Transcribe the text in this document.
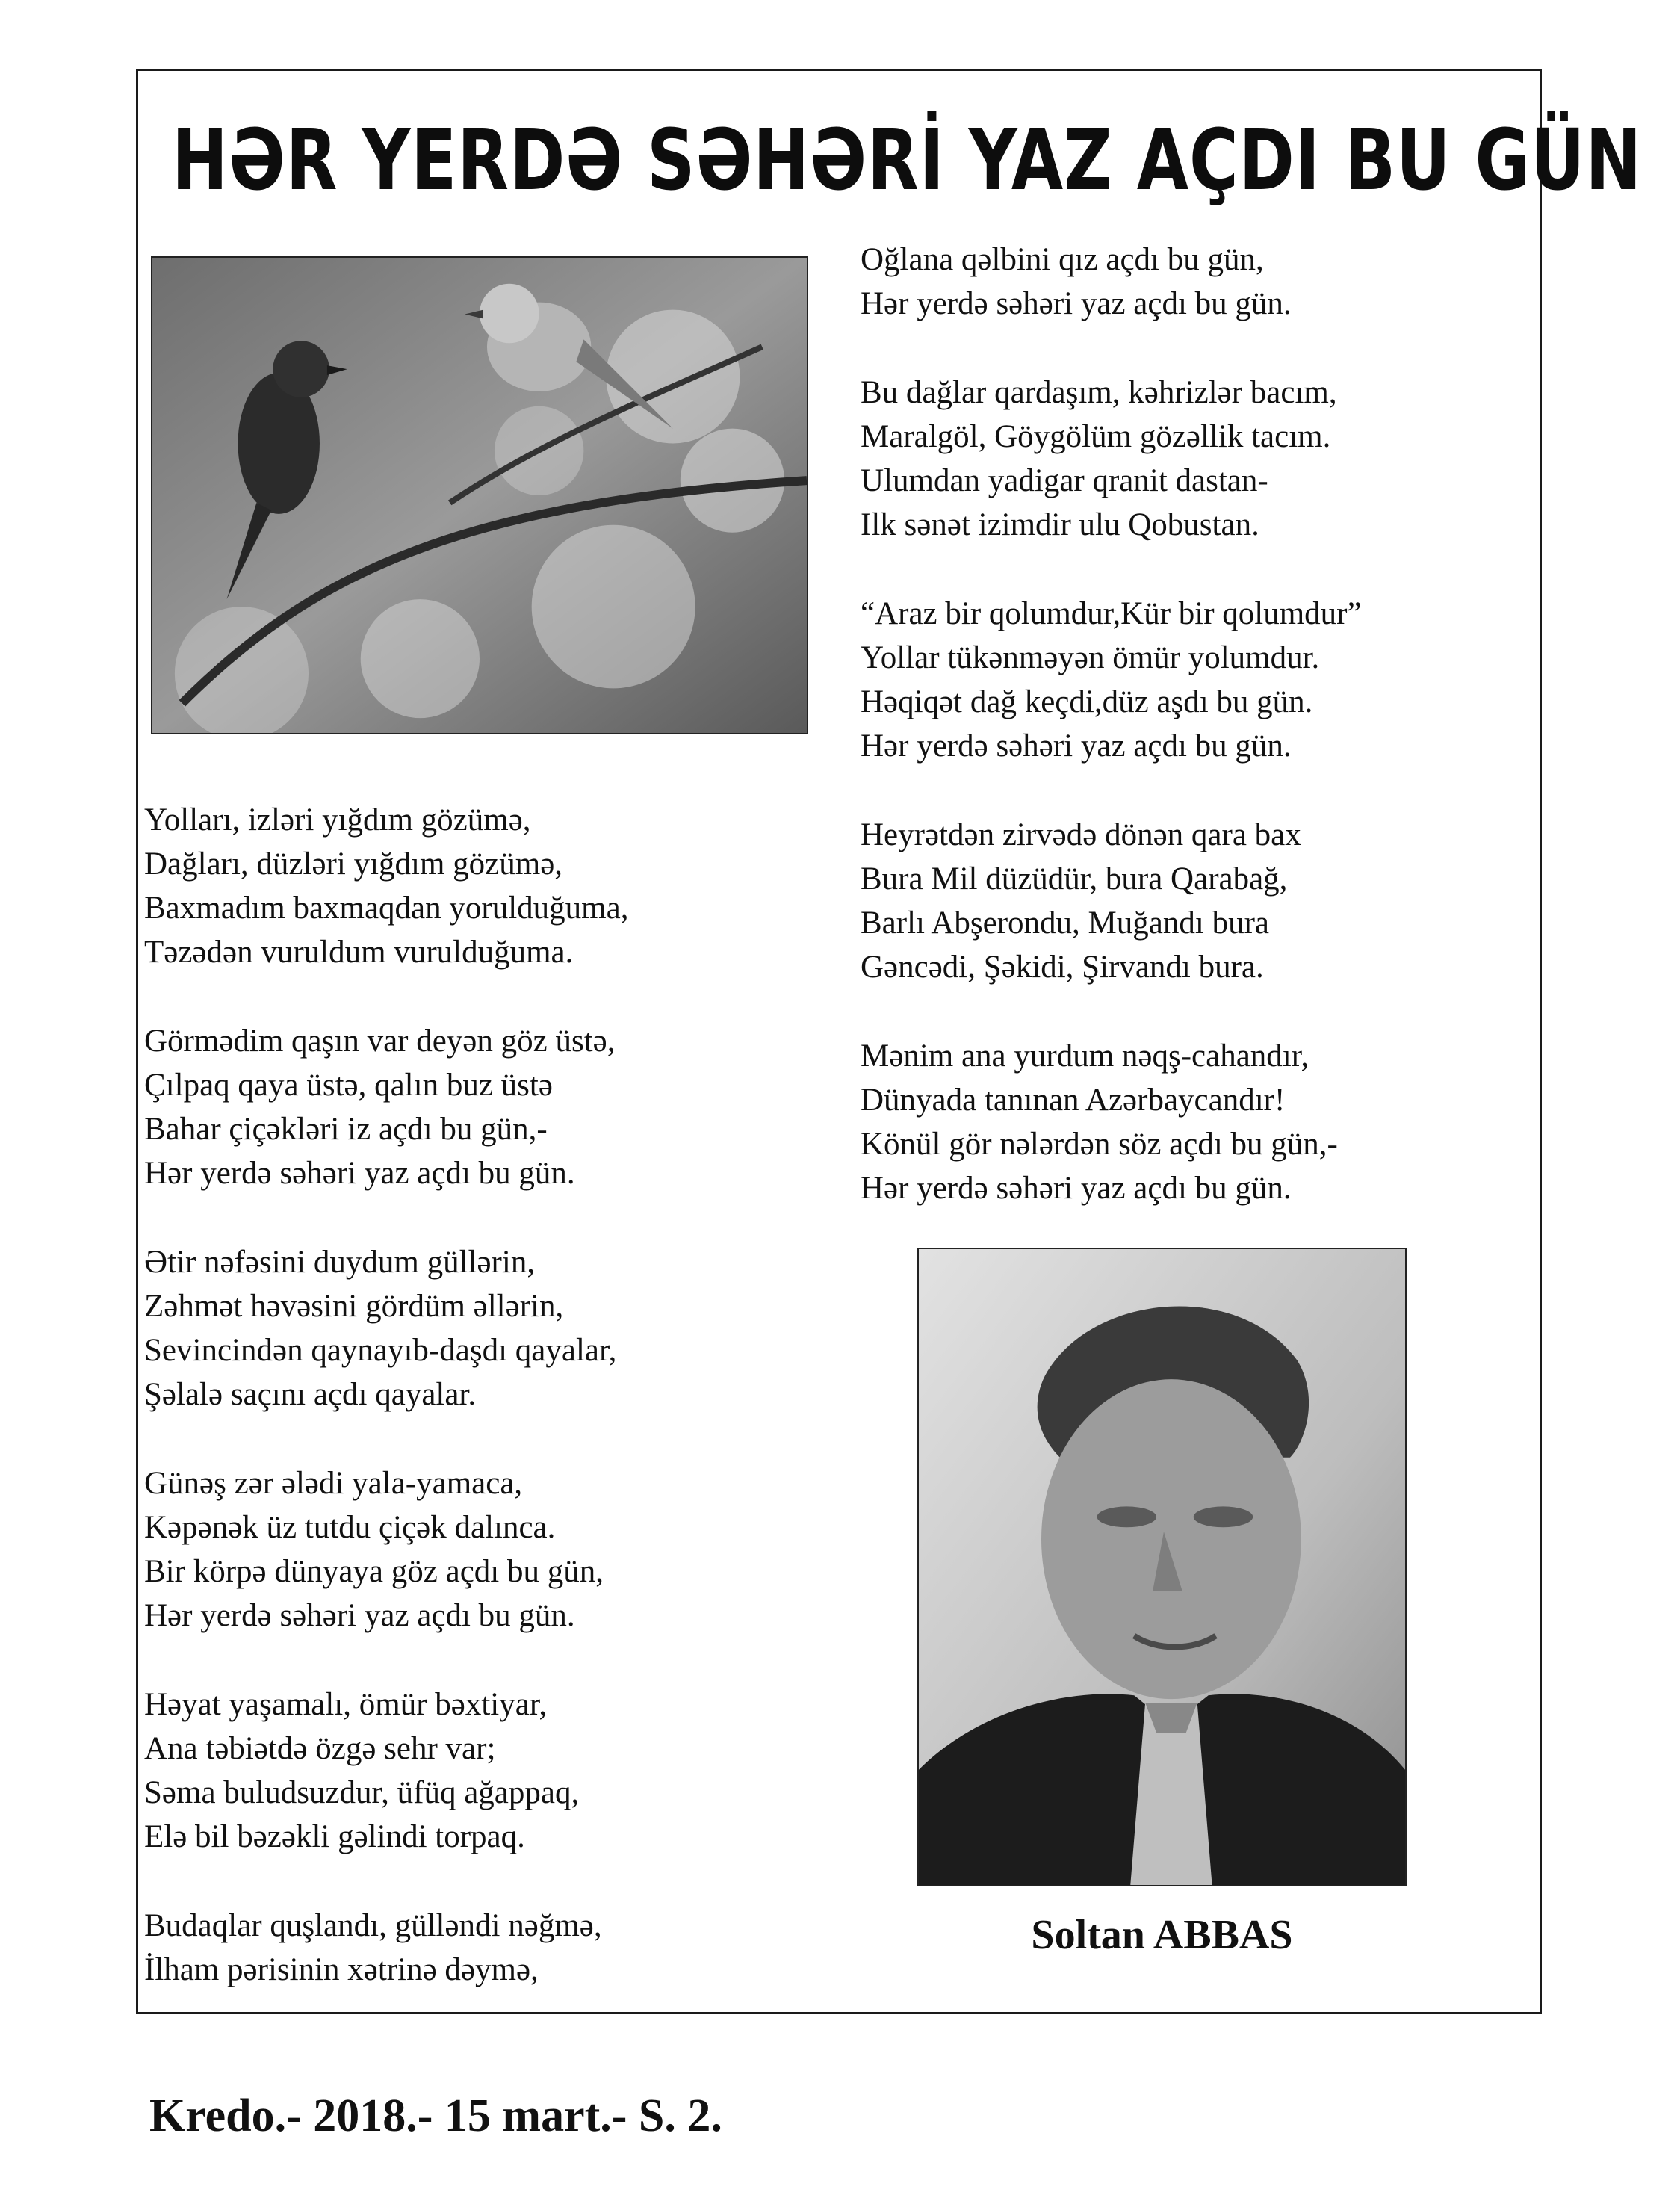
HƏR YERDƏ SƏHƏRİ YAZ AÇDI BU GÜN
Yolları, izləri yığdım gözümə,
Dağları, düzləri yığdım gözümə,
Baxmadım baxmaqdan yorulduğuma,
Təzədən vuruldum vurulduğuma.
Görmədim qaşın var deyən göz üstə,
Çılpaq qaya üstə, qalın buz üstə
Bahar çiçəkləri iz açdı bu gün,-
Hər yerdə səhəri yaz açdı bu gün.
Ətir nəfəsini duydum güllərin,
Zəhmət həvəsini gördüm əllərin,
Sevincindən qaynayıb-daşdı qayalar,
Şəlalə saçını açdı qayalar.
Günəş zər ələdi yala-yamaca,
Kəpənək üz tutdu çiçək dalınca.
Bir körpə dünyaya göz açdı bu gün,
Hər yerdə səhəri yaz açdı bu gün.
Həyat yaşamalı, ömür bəxtiyar,
Ana təbiətdə özgə sehr var;
Səma buludsuzdur, üfüq ağappaq,
Elə bil bəzəkli gəlindi torpaq.
Budaqlar quşlandı, gülləndi nəğmə,
İlham pərisinin xətrinə dəymə,
Oğlana qəlbini qız açdı bu gün,
Hər yerdə səhəri yaz açdı bu gün.
Bu dağlar qardaşım, kəhrizlər bacım,
Maralgöl, Göygölüm gözəllik tacım.
Ulumdan yadigar qranit dastan-
Ilk sənət izimdir ulu Qobustan.
“Araz bir qolumdur,Kür bir qolumdur”
Yollar tükənməyən ömür yolumdur.
Həqiqət dağ keçdi,düz aşdı bu gün.
Hər yerdə səhəri yaz açdı bu gün.
Heyrətdən zirvədə dönən qara bax
Bura Mil düzüdür, bura Qarabağ,
Barlı Abşerondu, Muğandı bura
Gəncədi, Şəkidi, Şirvandı bura.
Mənim ana yurdum nəqş-cahandır,
Dünyada tanınan Azərbaycandır!
Könül gör nələrdən söz açdı bu gün,-
Hər yerdə səhəri yaz açdı bu gün.
Soltan ABBAS
Kredo.- 2018.- 15 mart.- S. 2.
